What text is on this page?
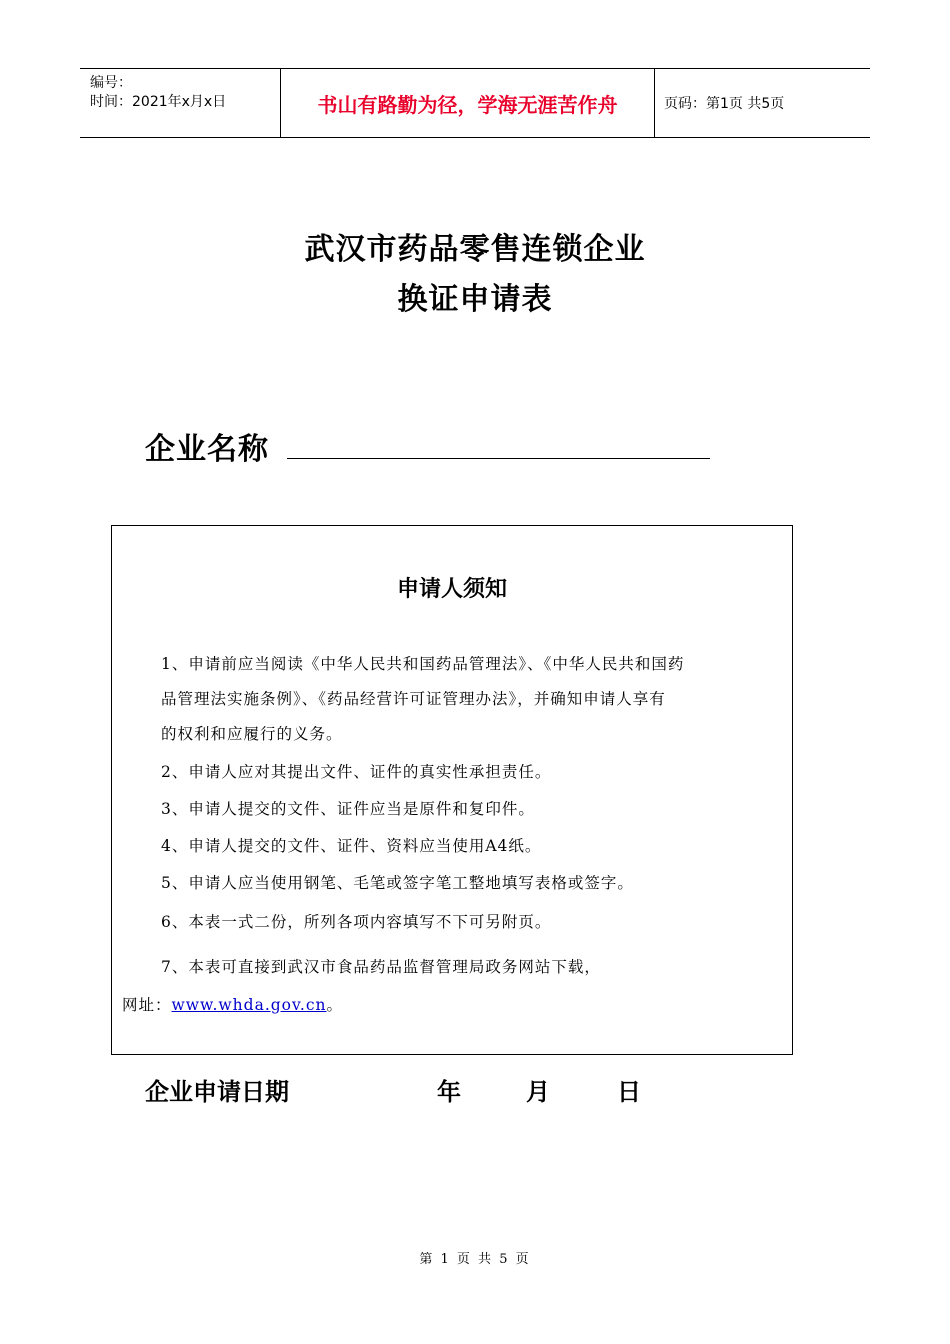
编号：
时间：2021年x月x日	书山有路勤为径，学海无涯苦作舟	页码：第1页 共5页
武汉市药品零售连锁企业
换证申请表
企业名称
申请人须知
1、申请前应当阅读《中华人民共和国药品管理法》、《中华人民共和国药
品管理法实施条例》、《药品经营许可证管理办法》，并确知申请人享有
的权利和应履行的义务。
2、申请人应对其提出文件、证件的真实性承担责任。
3、申请人提交的文件、证件应当是原件和复印件。
4、申请人提交的文件、证件、资料应当使用A4纸。
5、申请人应当使用钢笔、毛笔或签字笔工整地填写表格或签字。
6、本表一式二份，所列各项内容填写不下可另附页。
7、本表可直接到武汉市食品药品监督管理局政务网站下载，
网址：www.whda.gov.cn。
企业申请日期	年	月	日
第 1 页 共 5 页
